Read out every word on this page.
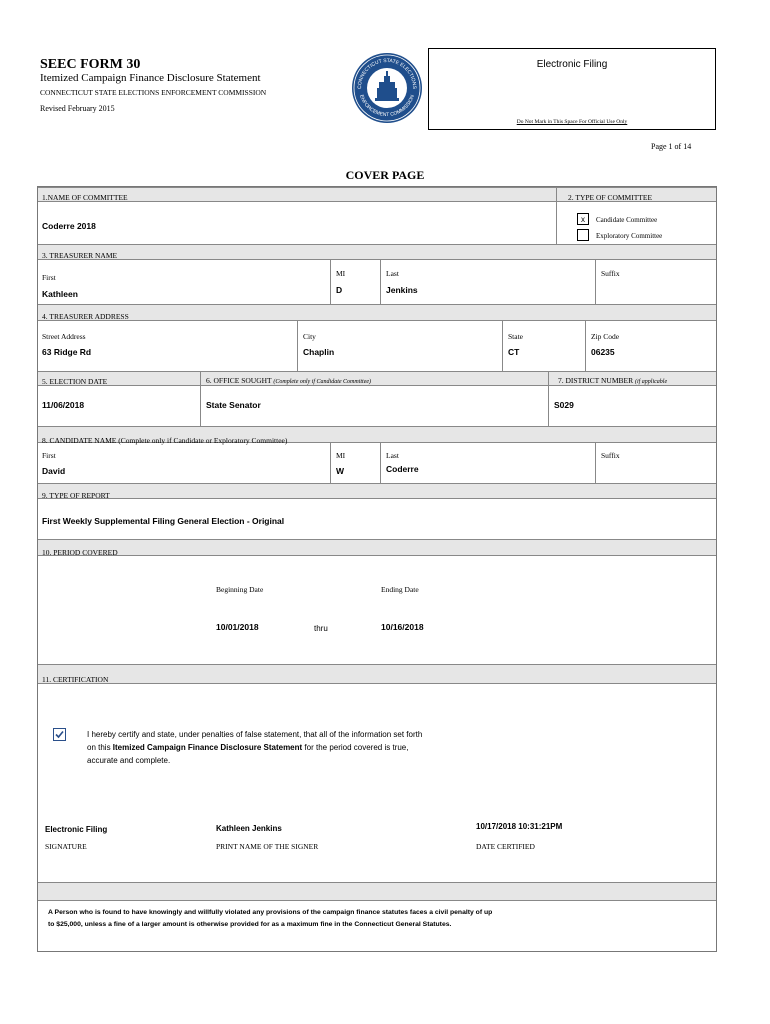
SEEC FORM 30
Itemized Campaign Finance Disclosure Statement
CONNECTICUT STATE ELECTIONS ENFORCEMENT COMMISSION
Revised February 2015
CONNECTICUT STATE ELECTIONS
ENFORCEMENT COMMISSION
Electronic Filing
Do Not Mark in This Space For Official Use Only
Page 1 of 14
COVER PAGE
1.NAME OF COMMITTEE	2. TYPE OF COMMITTEE
Coderre 2018
x	Candidate Committee
Exploratory Committee
3. TREASURER NAME
First
Kathleen
MI
D
Last
Jenkins
Suffix
4. TREASURER ADDRESS
Street Address
63 Ridge Rd
City
Chaplin
State
CT
Zip Code
06235
5. ELECTION DATE	6. OFFICE SOUGHT (Complete only if Candidate Committee)	7. DISTRICT NUMBER (if applicable
11/06/2018	State Senator	S029
8. CANDIDATE NAME (Complete only if Candidate or Exploratory Committee)
First
David
MI
W
Last
Coderre
Suffix
9. TYPE OF REPORT
First Weekly Supplemental Filing General Election - Original
10. PERIOD COVERED
Beginning Date	Ending Date
10/01/2018	thru	10/16/2018
11. CERTIFICATION
I hereby certify and state, under penalties of false statement, that all of the information set forth
on this Itemized Campaign Finance Disclosure Statement for the period covered is true,
accurate and complete.
Electronic Filing
SIGNATURE
Kathleen Jenkins
PRINT NAME OF THE SIGNER
10/17/2018 10:31:21PM
DATE CERTIFIED
A Person who is found to have knowingly and willfully violated any provisions of the campaign finance statutes faces a civil penalty of up
to $25,000, unless a fine of a larger amount is otherwise provided for as a maximum fine in the Connecticut General Statutes.
